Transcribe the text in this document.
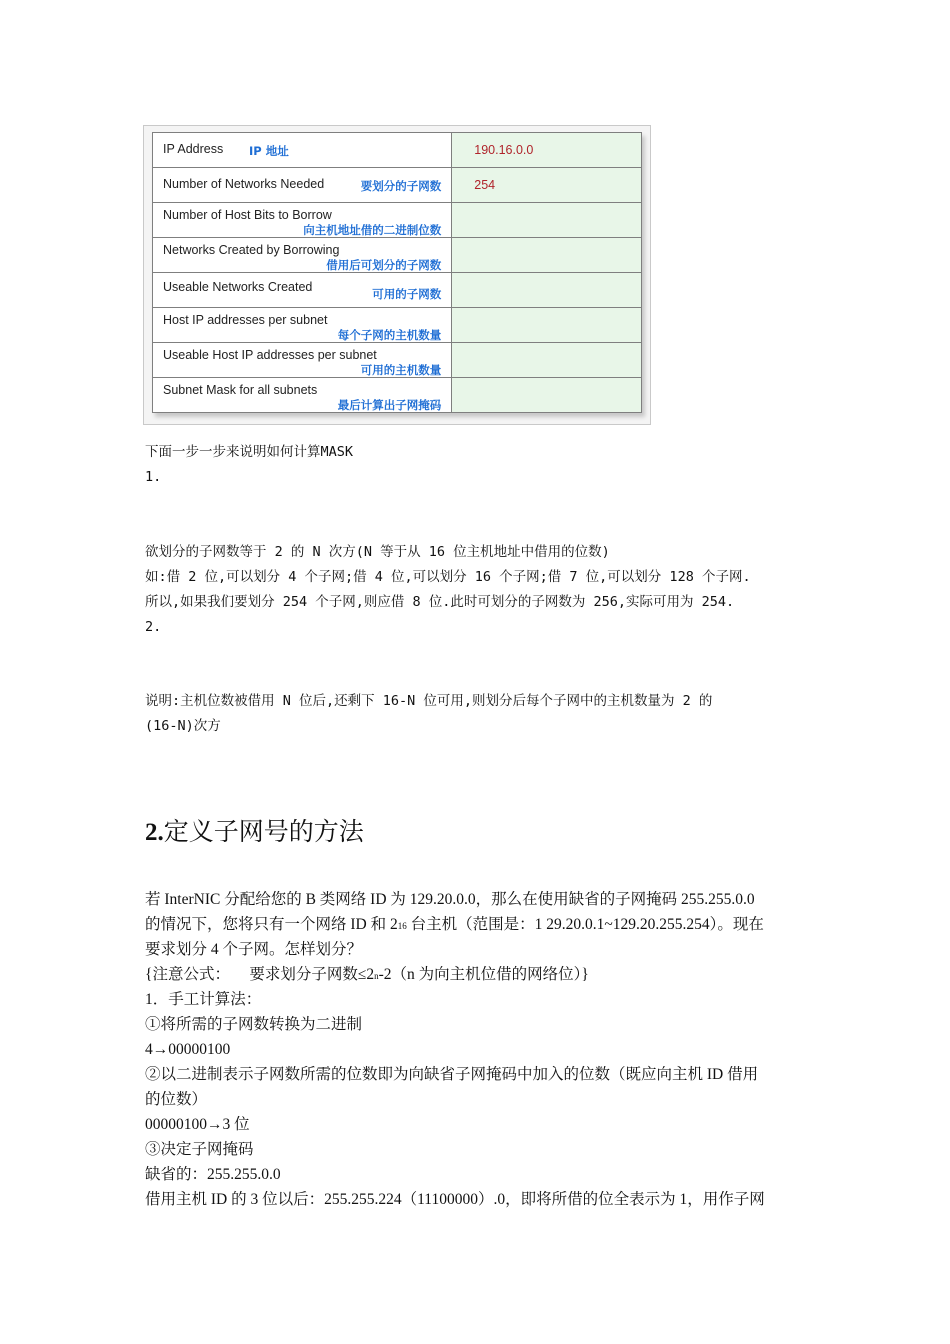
IP Address IP 地址	190.16.0.0

Number of Networks Needed 要划分的子网数	254

Number of Host Bits to Borrow
向主机地址借的二进制位数	

Networks Created by Borrowing
借用后可划分的子网数	

Useable Networks Created 可用的子网数	

Host IP addresses per subnet
每个子网的主机数量	

Useable Host IP addresses per subnet
可用的主机数量	

Subnet Mask for all subnets
最后计算出子网掩码	

下面一步一步来说明如何计算MASK

1.

欲划分的子网数等于 2 的 N 次方(N 等于从 16 位主机地址中借用的位数)

如:借 2 位,可以划分 4 个子网;借 4 位,可以划分 16 个子网;借 7 位,可以划分 128 个子网.

所以,如果我们要划分 254 个子网,则应借 8 位.此时可划分的子网数为 256,实际可用为 254.

2.

说明:主机位数被借用 N 位后,还剩下 16-N 位可用,则划分后每个子网中的主机数量为 2 的

(16-N)次方

2.定义子网号的方法

若 InterNIC 分配给您的 B 类网络 ID 为 129.20.0.0，那么在使用缺省的子网掩码 255.255.0.0

的情况下，您将只有一个网络 ID 和 216 台主机（范围是：1 29.20.0.1~129.20.255.254）。现在

要求划分 4 个子网。怎样划分？

{注意公式：     要求划分子网数≤2n-2（n 为向主机位借的网络位）}

1．手工计算法：

①将所需的子网数转换为二进制

4→00000100

②以二进制表示子网数所需的位数即为向缺省子网掩码中加入的位数（既应向主机 ID 借用

的位数）

00000100→3 位

③决定子网掩码

缺省的：255.255.0.0

借用主机 ID 的 3 位以后：255.255.224（11100000）.0，即将所借的位全表示为 1，用作子网
